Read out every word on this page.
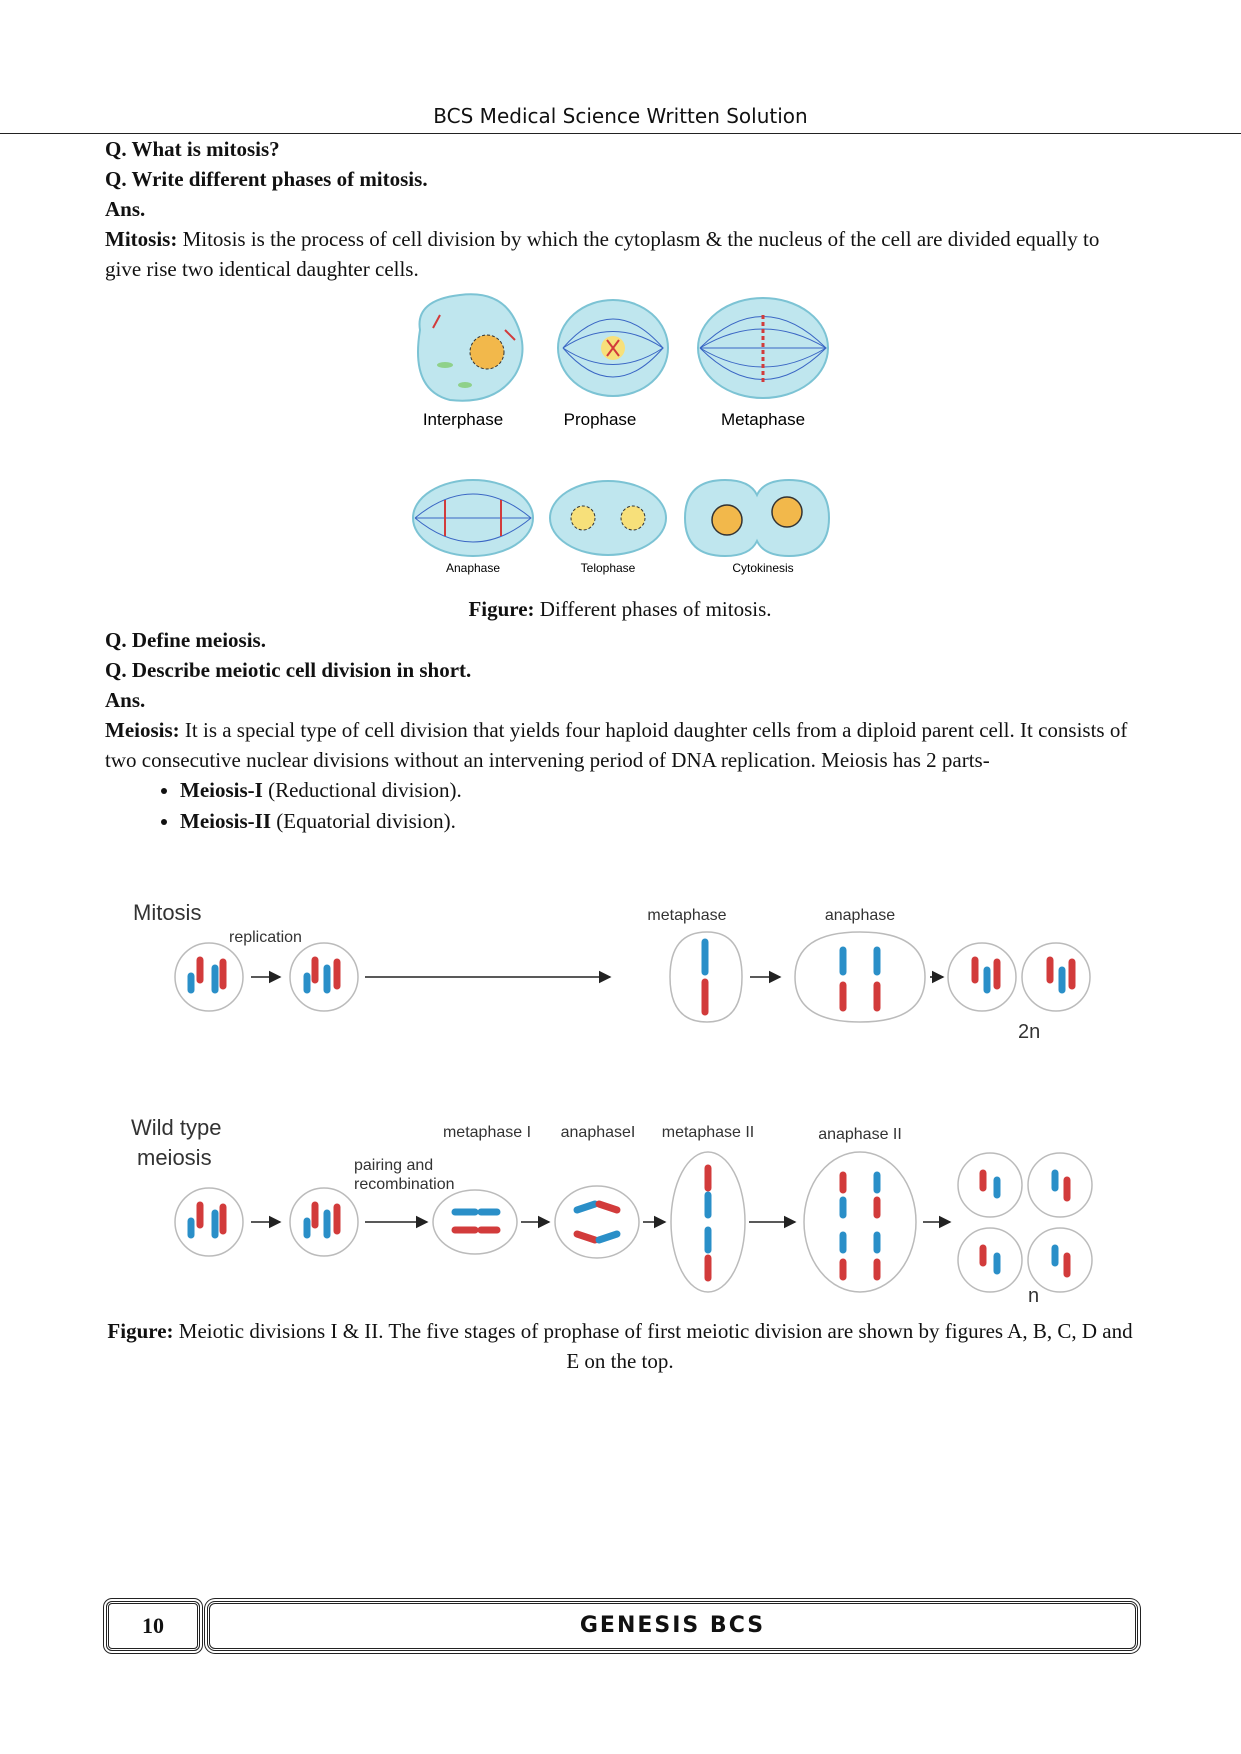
BCS Medical Science Written Solution
Q. What is mitosis?
Q. Write different phases of mitosis.
Ans.
Mitosis: Mitosis is the process of cell division by which the cytoplasm & the nucleus of the cell are divided equally to give rise two identical daughter cells.
Interphase	Prophase	Metaphase
Anaphase	Telophase	Cytokinesis
Figure: Different phases of mitosis.
Q. Define meiosis.
Q. Describe meiotic cell division in short.
Ans.
Meiosis: It is a special type of cell division that yields four haploid daughter cells from a diploid parent cell. It consists of two consecutive nuclear divisions without an intervening period of DNA replication. Meiosis has 2 parts-
• Meiosis-I (Reductional division).
• Meiosis-II (Equatorial division).
Mitosis
replication
metaphase	anaphase
2n
Wild type
meiosis	pairing and
recombination
metaphase I anaphaseI metaphase II	anaphase II
n
Figure: Meiotic divisions I & II. The five stages of prophase of first meiotic division are shown by figures A, B, C, D and E on the top.
10	GENESIS BCS
